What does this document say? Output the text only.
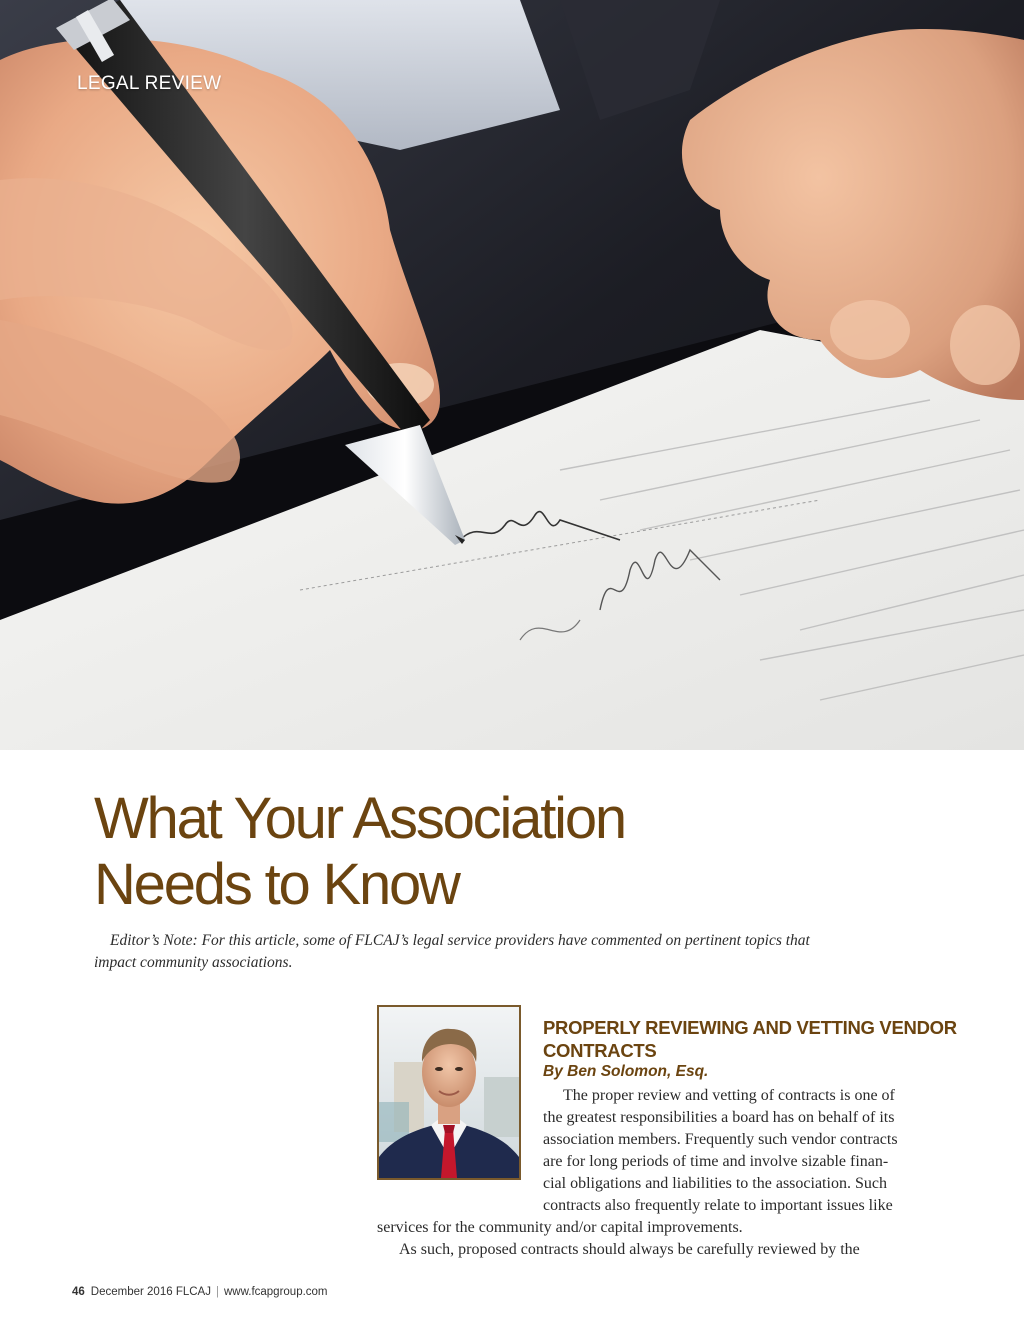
LEGAL REVIEW
What Your Association
Needs to Know

Editor’s Note: For this article, some of FLCAJ’s legal service providers have commented on pertinent topics that impact community associations.

PROPERLY REVIEWING AND VETTING VENDOR CONTRACTS
By Ben Solomon, Esq.
The proper review and vetting of contracts is one of
the greatest responsibilities a board has on behalf of its
association members. Frequently such vendor contracts
are for long periods of time and involve sizable finan-
cial obligations and liabilities to the association. Such
contracts also frequently relate to important issues like
services for the community and/or capital improvements.
As such, proposed contracts should always be carefully reviewed by the
46 December 2016 FLCAJ | www.fcapgroup.com
